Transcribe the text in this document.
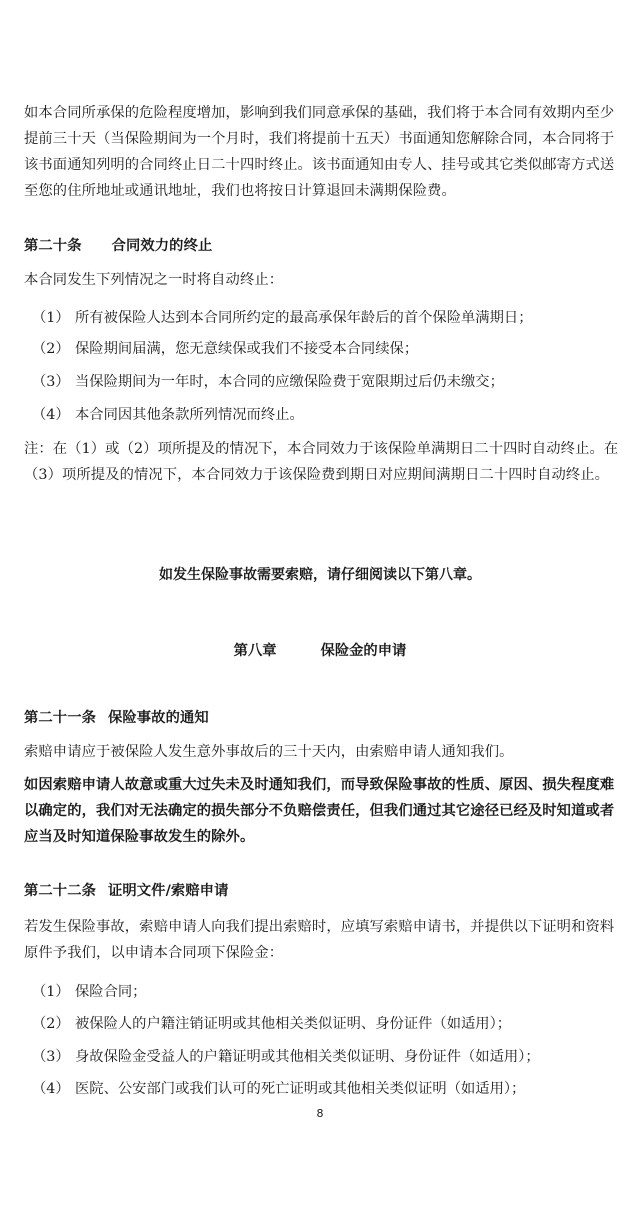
如本合同所承保的危险程度增加，影响到我们同意承保的基础，我们将于本合同有效期内至少提前三十天（当保险期间为一个月时，我们将提前十五天）书面通知您解除合同，本合同将于该书面通知列明的合同终止日二十四时终止。该书面通知由专人、挂号或其它类似邮寄方式送至您的住所地址或通讯地址，我们也将按日计算退回未满期保险费。

第二十条 合同效力的终止

本合同发生下列情况之一时将自动终止：

（1） 所有被保险人达到本合同所约定的最高承保年龄后的首个保险单满期日；
（2） 保险期间届满，您无意续保或我们不接受本合同续保；
（3） 当保险期间为一年时，本合同的应缴保险费于宽限期过后仍未缴交；
（4） 本合同因其他条款所列情况而终止。

注：在（1）或（2）项所提及的情况下，本合同效力于该保险单满期日二十四时自动终止。在（3）项所提及的情况下，本合同效力于该保险费到期日对应期间满期日二十四时自动终止。

如发生保险事故需要索赔，请仔细阅读以下第八章。
第八章	保险金的申请
第二十一条 保险事故的通知

索赔申请应于被保险人发生意外事故后的三十天内，由索赔申请人通知我们。

如因索赔申请人故意或重大过失未及时通知我们，而导致保险事故的性质、原因、损失程度难以确定的，我们对无法确定的损失部分不负赔偿责任，但我们通过其它途径已经及时知道或者应当及时知道保险事故发生的除外。

第二十二条 证明文件/索赔申请

若发生保险事故，索赔申请人向我们提出索赔时，应填写索赔申请书，并提供以下证明和资料原件予我们，以申请本合同项下保险金：

（1） 保险合同；
（2） 被保险人的户籍注销证明或其他相关类似证明、身份证件（如适用）；
（3） 身故保险金受益人的户籍证明或其他相关类似证明、身份证件（如适用）；
（4） 医院、公安部门或我们认可的死亡证明或其他相关类似证明（如适用）；
8
